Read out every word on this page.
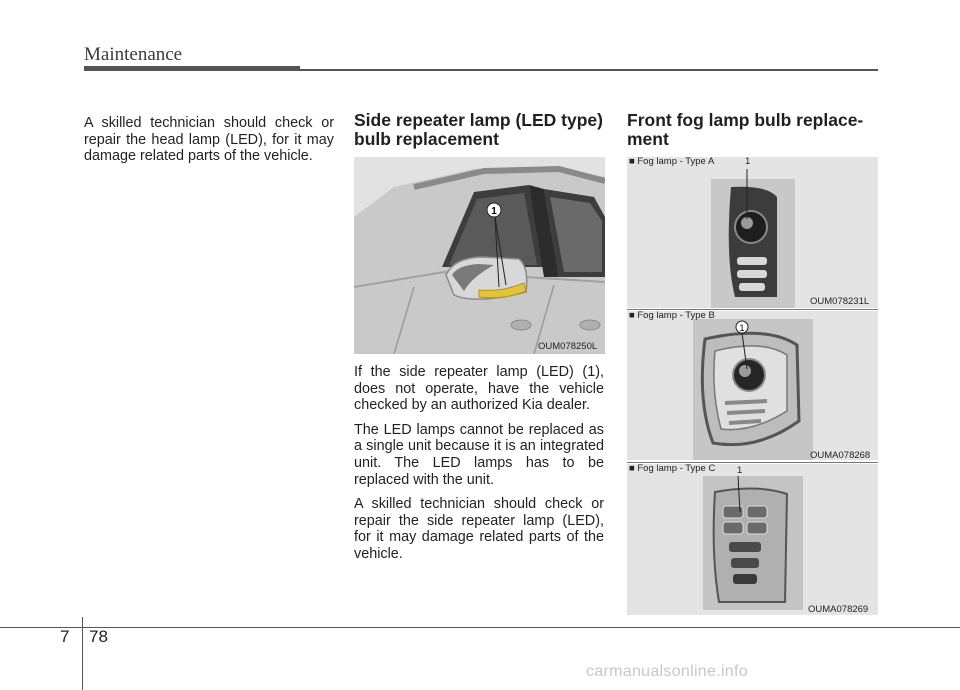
Maintenance

A skilled technician should check or repair the head lamp (LED), for it may damage related parts of the vehicle.

Side repeater lamp (LED type)
bulb replacement
1
OUM078250L

If the side repeater lamp (LED) (1), does not operate, have the vehicle checked by an authorized Kia dealer.

The LED lamps cannot be replaced as a single unit because it is an integrated unit. The LED lamps has to be replaced with the unit.

A skilled technician should check or repair the side repeater lamp (LED), for it may damage related parts of the vehicle.

Front fog lamp bulb replace-
ment
■ Fog lamp - Type A	1
OUM078231L
1
■ Fog lamp - Type B
OUMA078268
■ Fog lamp - Type C 1
OUMA078269
7 78
carmanualsonline.info
